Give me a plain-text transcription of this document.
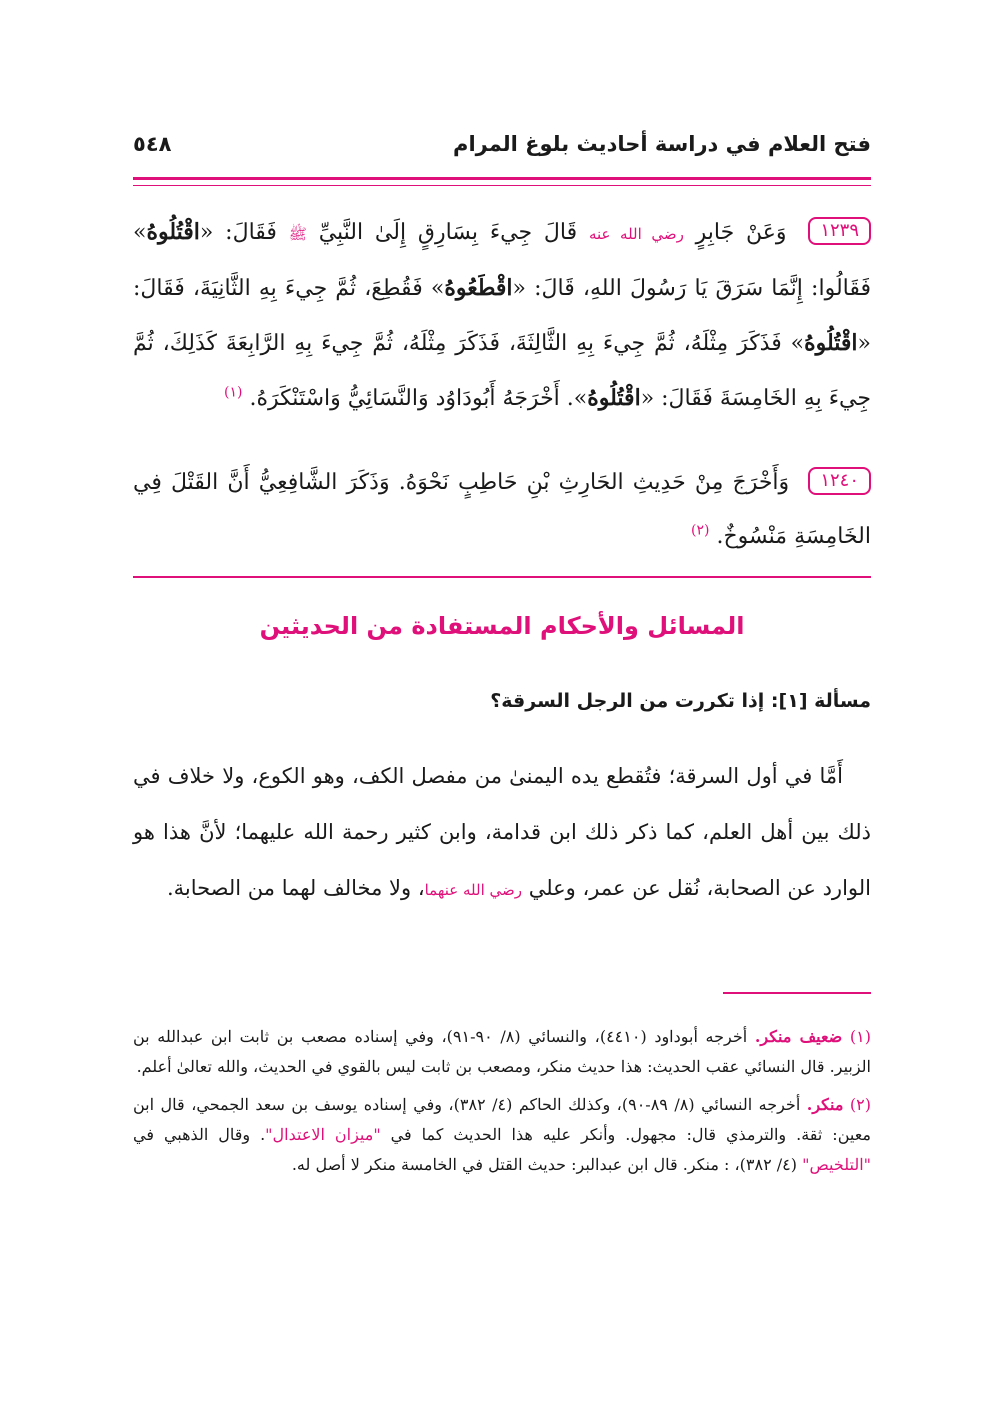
فتح العلام في دراسة أحاديث بلوغ المرام
٥٤٨
١٢٣٩ وَعَنْ جَابِرٍ رضي الله عنه قَالَ جِيءَ بِسَارِقٍ إِلَىٰ النَّبِيِّ ﷺ فَقَالَ: «اقْتُلُوهُ» فَقَالُوا: إِنَّمَا سَرَقَ يَا رَسُولَ اللهِ، قَالَ: «اقْطَعُوهُ» فَقُطِعَ، ثُمَّ جِيءَ بِهِ الثَّانِيَةَ، فَقَالَ: «اقْتُلُوهُ» فَذَكَرَ مِثْلَهُ، ثُمَّ جِيءَ بِهِ الثَّالِثَةَ، فَذَكَرَ مِثْلَهُ، ثُمَّ جِيءَ بِهِ الرَّابِعَةَ كَذَلِكَ، ثُمَّ جِيءَ بِهِ الخَامِسَةَ فَقَالَ: «اقْتُلُوهُ». أَخْرَجَهُ أَبُودَاوُد وَالنَّسَائِيُّ وَاسْتَنْكَرَهُ. $^{(١)}$
١٢٤٠ وَأَخْرَجَ مِنْ حَدِيثِ الحَارِثِ بْنِ حَاطِبٍ نَحْوَهُ. وَذَكَرَ الشَّافِعِيُّ أَنَّ القَتْلَ فِي الخَامِسَةِ مَنْسُوخٌ. $^{(٢)}$
المسائل والأحكام المستفادة من الحديثين
مسألة [١]: إذا تكررت من الرجل السرقة؟
أَمَّا في أول السرقة؛ فتُقطع يده اليمنىٰ من مفصل الكف، وهو الكوع، ولا خلاف في ذلك بين أهل العلم، كما ذكر ذلك ابن قدامة، وابن كثير رحمة الله عليهما؛ لأنَّ هذا هو الوارد عن الصحابة، نُقل عن عمر، وعلي رضي الله عنهما، ولا مخالف لهما من الصحابة.
(١) ضعيف منكر. أخرجه أبوداود (٤٤١٠)، والنسائي (٨/ ٩٠-٩١)، وفي إسناده مصعب بن ثابت ابن عبدالله بن الزبير. قال النسائي عقب الحديث: هذا حديث منكر، ومصعب بن ثابت ليس بالقوي في الحديث، والله تعالىٰ أعلم.
(٢) منكر. أخرجه النسائي (٨/ ٨٩-٩٠)، وكذلك الحاكم (٤/ ٣٨٢)، وفي إسناده يوسف بن سعد الجمحي، قال ابن معين: ثقة. والترمذي قال: مجهول. وأنكر عليه هذا الحديث كما في "ميزان الاعتدال". وقال الذهبي في "التلخيص" (٤/ ٣٨٢)، : منكر. قال ابن عبدالبر: حديث القتل في الخامسة منكر لا أصل له.
